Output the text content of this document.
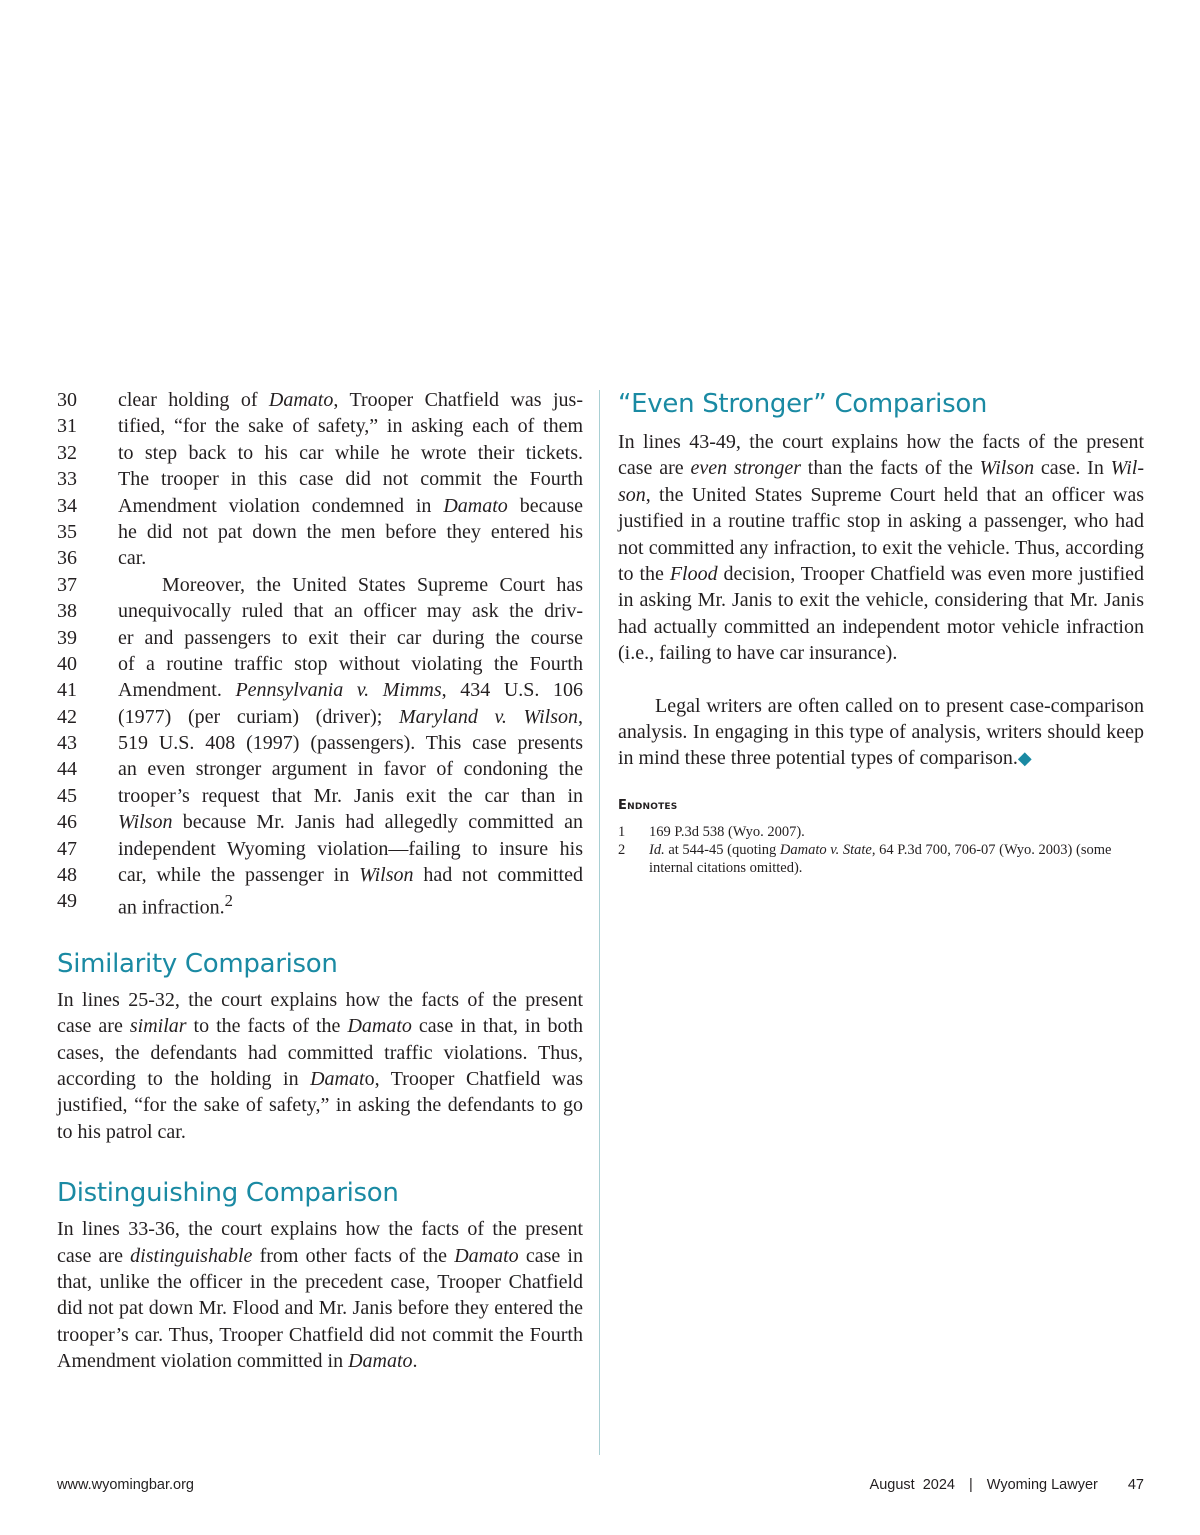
30	clear holding of Damato, Trooper Chatfield was jus-
31	tified, “for the sake of safety,” in asking each of them
32	to step back to his car while he wrote their tickets.
33	The trooper in this case did not commit the Fourth
34	Amendment violation condemned in Damato because
35	he did not pat down the men before they entered his
36	car.
37	Moreover, the United States Supreme Court has
38	unequivocally ruled that an officer may ask the driv-
39	er and passengers to exit their car during the course
40	of a routine traffic stop without violating the Fourth
41	Amendment. Pennsylvania v. Mimms, 434 U.S. 106
42	(1977) (per curiam) (driver); Maryland v. Wilson,
43	519 U.S. 408 (1997) (passengers). This case presents
44	an even stronger argument in favor of condoning the
45	trooper’s request that Mr. Janis exit the car than in
46	Wilson because Mr. Janis had allegedly committed an
47	independent Wyoming violation—failing to insure his
48	car, while the passenger in Wilson had not committed
49	an infraction.$^2$
Similarity Comparison

In lines 25-32, the court explains how the facts of the present case are similar to the facts of the Damato case in that, in both cases, the defendants had committed traffic violations. Thus, according to the holding in Damato, Trooper Chatfield was justified, “for the sake of safety,” in asking the defendants to go to his patrol car.

Distinguishing Comparison

In lines 33-36, the court explains how the facts of the present case are distinguishable from other facts of the Damato case in that, unlike the officer in the precedent case, Trooper Chatfield did not pat down Mr. Flood and Mr. Janis before they entered the trooper’s car. Thus, Trooper Chatfield did not commit the Fourth Amendment violation committed in Damato.

“Even Stronger” Comparison

In lines 43-49, the court explains how the facts of the present case are even stronger than the facts of the Wilson case. In Wilson, the United States Supreme Court held that an officer was justified in a routine traffic stop in asking a passenger, who had not committed any infraction, to exit the vehicle. Thus, according to the Flood decision, Trooper Chatfield was even more justified in asking Mr. Janis to exit the vehicle, considering that Mr. Janis had actually committed an independent motor vehicle infraction (i.e., failing to have car insurance).

Legal writers are often called on to present case-comparison analysis. In engaging in this type of analysis, writers should keep in mind these three potential types of comparison.◆

Endnotes
1	169 P.3d 538 (Wyo. 2007).
2	Id. at 544-45 (quoting Damato v. State, 64 P.3d 700, 706-07 (Wyo. 2003) (some internal citations omitted).
www.wyomingbar.org	August  2024 | Wyoming Lawyer 47
